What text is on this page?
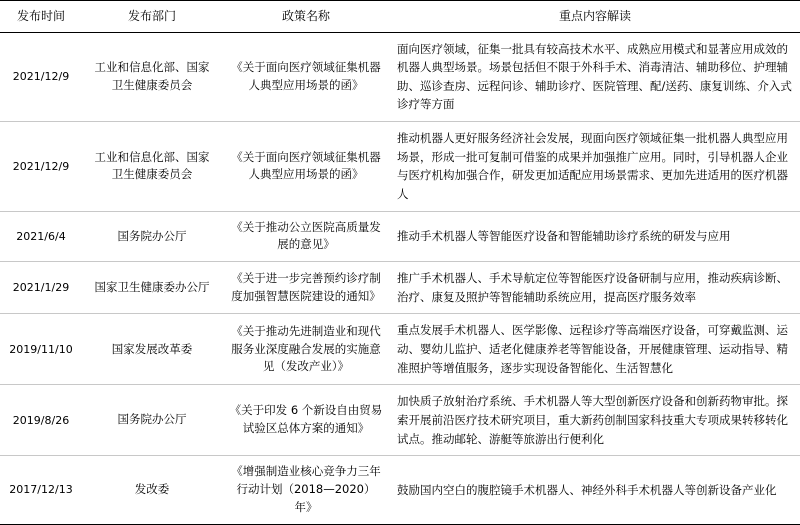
发布时间	发布部门	政策名称	重点内容解读
2021/12/9	工业和信息化部、国家卫生健康委员会	《关于面向医疗领域征集机器人典型应用场景的函》	面向医疗领域，征集一批具有较高技术水平、成熟应用模式和显著应用成效的机器人典型场景。场景包括但不限于外科手术、消毒清洁、辅助移位、护理辅助、巡诊查房、远程问诊、辅助诊疗、医院管理、配/送药、康复训练、介入式诊疗等方面
2021/12/9	工业和信息化部、国家卫生健康委员会	《关于面向医疗领域征集机器人典型应用场景的函》	推动机器人更好服务经济社会发展，现面向医疗领域征集一批机器人典型应用场景，形成一批可复制可借鉴的成果并加强推广应用。同时，引导机器人企业与医疗机构加强合作，研发更加适配应用场景需求、更加先进适用的医疗机器人
2021/6/4	国务院办公厅	《关于推动公立医院高质量发展的意见》	推动手术机器人等智能医疗设备和智能辅助诊疗系统的研发与应用
2021/1/29	国家卫生健康委办公厅	《关于进一步完善预约诊疗制度加强智慧医院建设的通知》	推广手术机器人、手术导航定位等智能医疗设备研制与应用，推动疾病诊断、治疗、康复及照护等智能辅助系统应用，提高医疗服务效率
2019/11/10	国家发展改革委	《关于推动先进制造业和现代服务业深度融合发展的实施意见（发改产业）》	重点发展手术机器人、医学影像、远程诊疗等高端医疗设备，可穿戴监测、运动、婴幼儿监护、适老化健康养老等智能设备，开展健康管理、运动指导、精准照护等增值服务，逐步实现设备智能化、生活智慧化
2019/8/26	国务院办公厅	《关于印发 6 个新设自由贸易试验区总体方案的通知》	加快质子放射治疗系统、手术机器人等大型创新医疗设备和创新药物审批。探索开展前沿医疗技术研究项目，重大新药创制国家科技重大专项成果转移转化试点。推动邮轮、游艇等旅游出行便利化
2017/12/13	发改委	《增强制造业核心竞争力三年行动计划（2018—2020）年》	鼓励国内空白的腹腔镜手术机器人、神经外科手术机器人等创新设备产业化
